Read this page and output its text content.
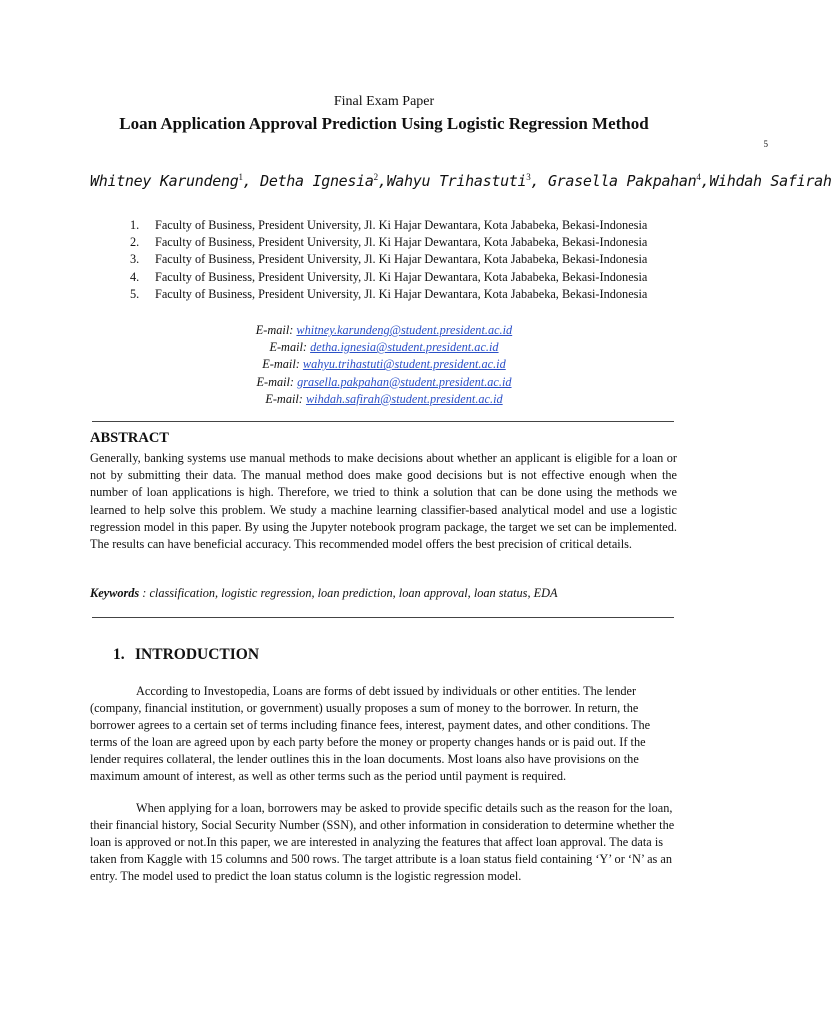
Final Exam Paper
Loan Application Approval Prediction Using Logistic Regression Method
Whitney Karundeng$^1$, Detha Ignesia$^2$,Wahyu Trihastuti$^3$, Grasella Pakpahan$^4$,Wihdah Safirah
5
1.	Faculty of Business, President University, Jl. Ki Hajar Dewantara, Kota Jababeka, Bekasi-Indonesia
2.	Faculty of Business, President University, Jl. Ki Hajar Dewantara, Kota Jababeka, Bekasi-Indonesia
3.	Faculty of Business, President University, Jl. Ki Hajar Dewantara, Kota Jababeka, Bekasi-Indonesia
4.	Faculty of Business, President University, Jl. Ki Hajar Dewantara, Kota Jababeka, Bekasi-Indonesia
5.	Faculty of Business, President University, Jl. Ki Hajar Dewantara, Kota Jababeka, Bekasi-Indonesia
E-mail: whitney.karundeng@student.president.ac.id
E-mail: detha.ignesia@student.president.ac.id
E-mail: wahyu.trihastuti@student.president.ac.id
E-mail: grasella.pakpahan@student.president.ac.id
E-mail: wihdah.safirah@student.president.ac.id
ABSTRACT

Generally, banking systems use manual methods to make decisions about whether an applicant is eligible for a loan or not by submitting their data. The manual method does make good decisions but is not effective enough when the number of loan applications is high. Therefore, we tried to think a solution that can be done using the methods we learned to help solve this problem. We study a machine learning classifier-based analytical model and use a logistic regression model in this paper. By using the Jupyter notebook program package, the target we set can be implemented. The results can have beneficial accuracy. This recommended model offers the best precision of critical details.

Keywords : classification, logistic regression, loan prediction, loan approval, loan status, EDA

1. INTRODUCTION

According to Investopedia, Loans are forms of debt issued by individuals or other entities. The lender (company, financial institution, or government) usually proposes a sum of money to the borrower. In return, the borrower agrees to a certain set of terms including finance fees, interest, payment dates, and other conditions. The terms of the loan are agreed upon by each party before the money or property changes hands or is paid out. If the lender requires collateral, the lender outlines this in the loan documents. Most loans also have provisions on the maximum amount of interest, as well as other terms such as the period until payment is required.

When applying for a loan, borrowers may be asked to provide specific details such as the reason for the loan, their financial history, Social Security Number (SSN), and other information in consideration to determine whether the loan is approved or not.In this paper, we are interested in analyzing the features that affect loan approval. The data is taken from Kaggle with 15 columns and 500 rows. The target attribute is a loan status field containing ‘Y’ or ‘N’ as an entry. The model used to predict the loan status column is the logistic regression model.
